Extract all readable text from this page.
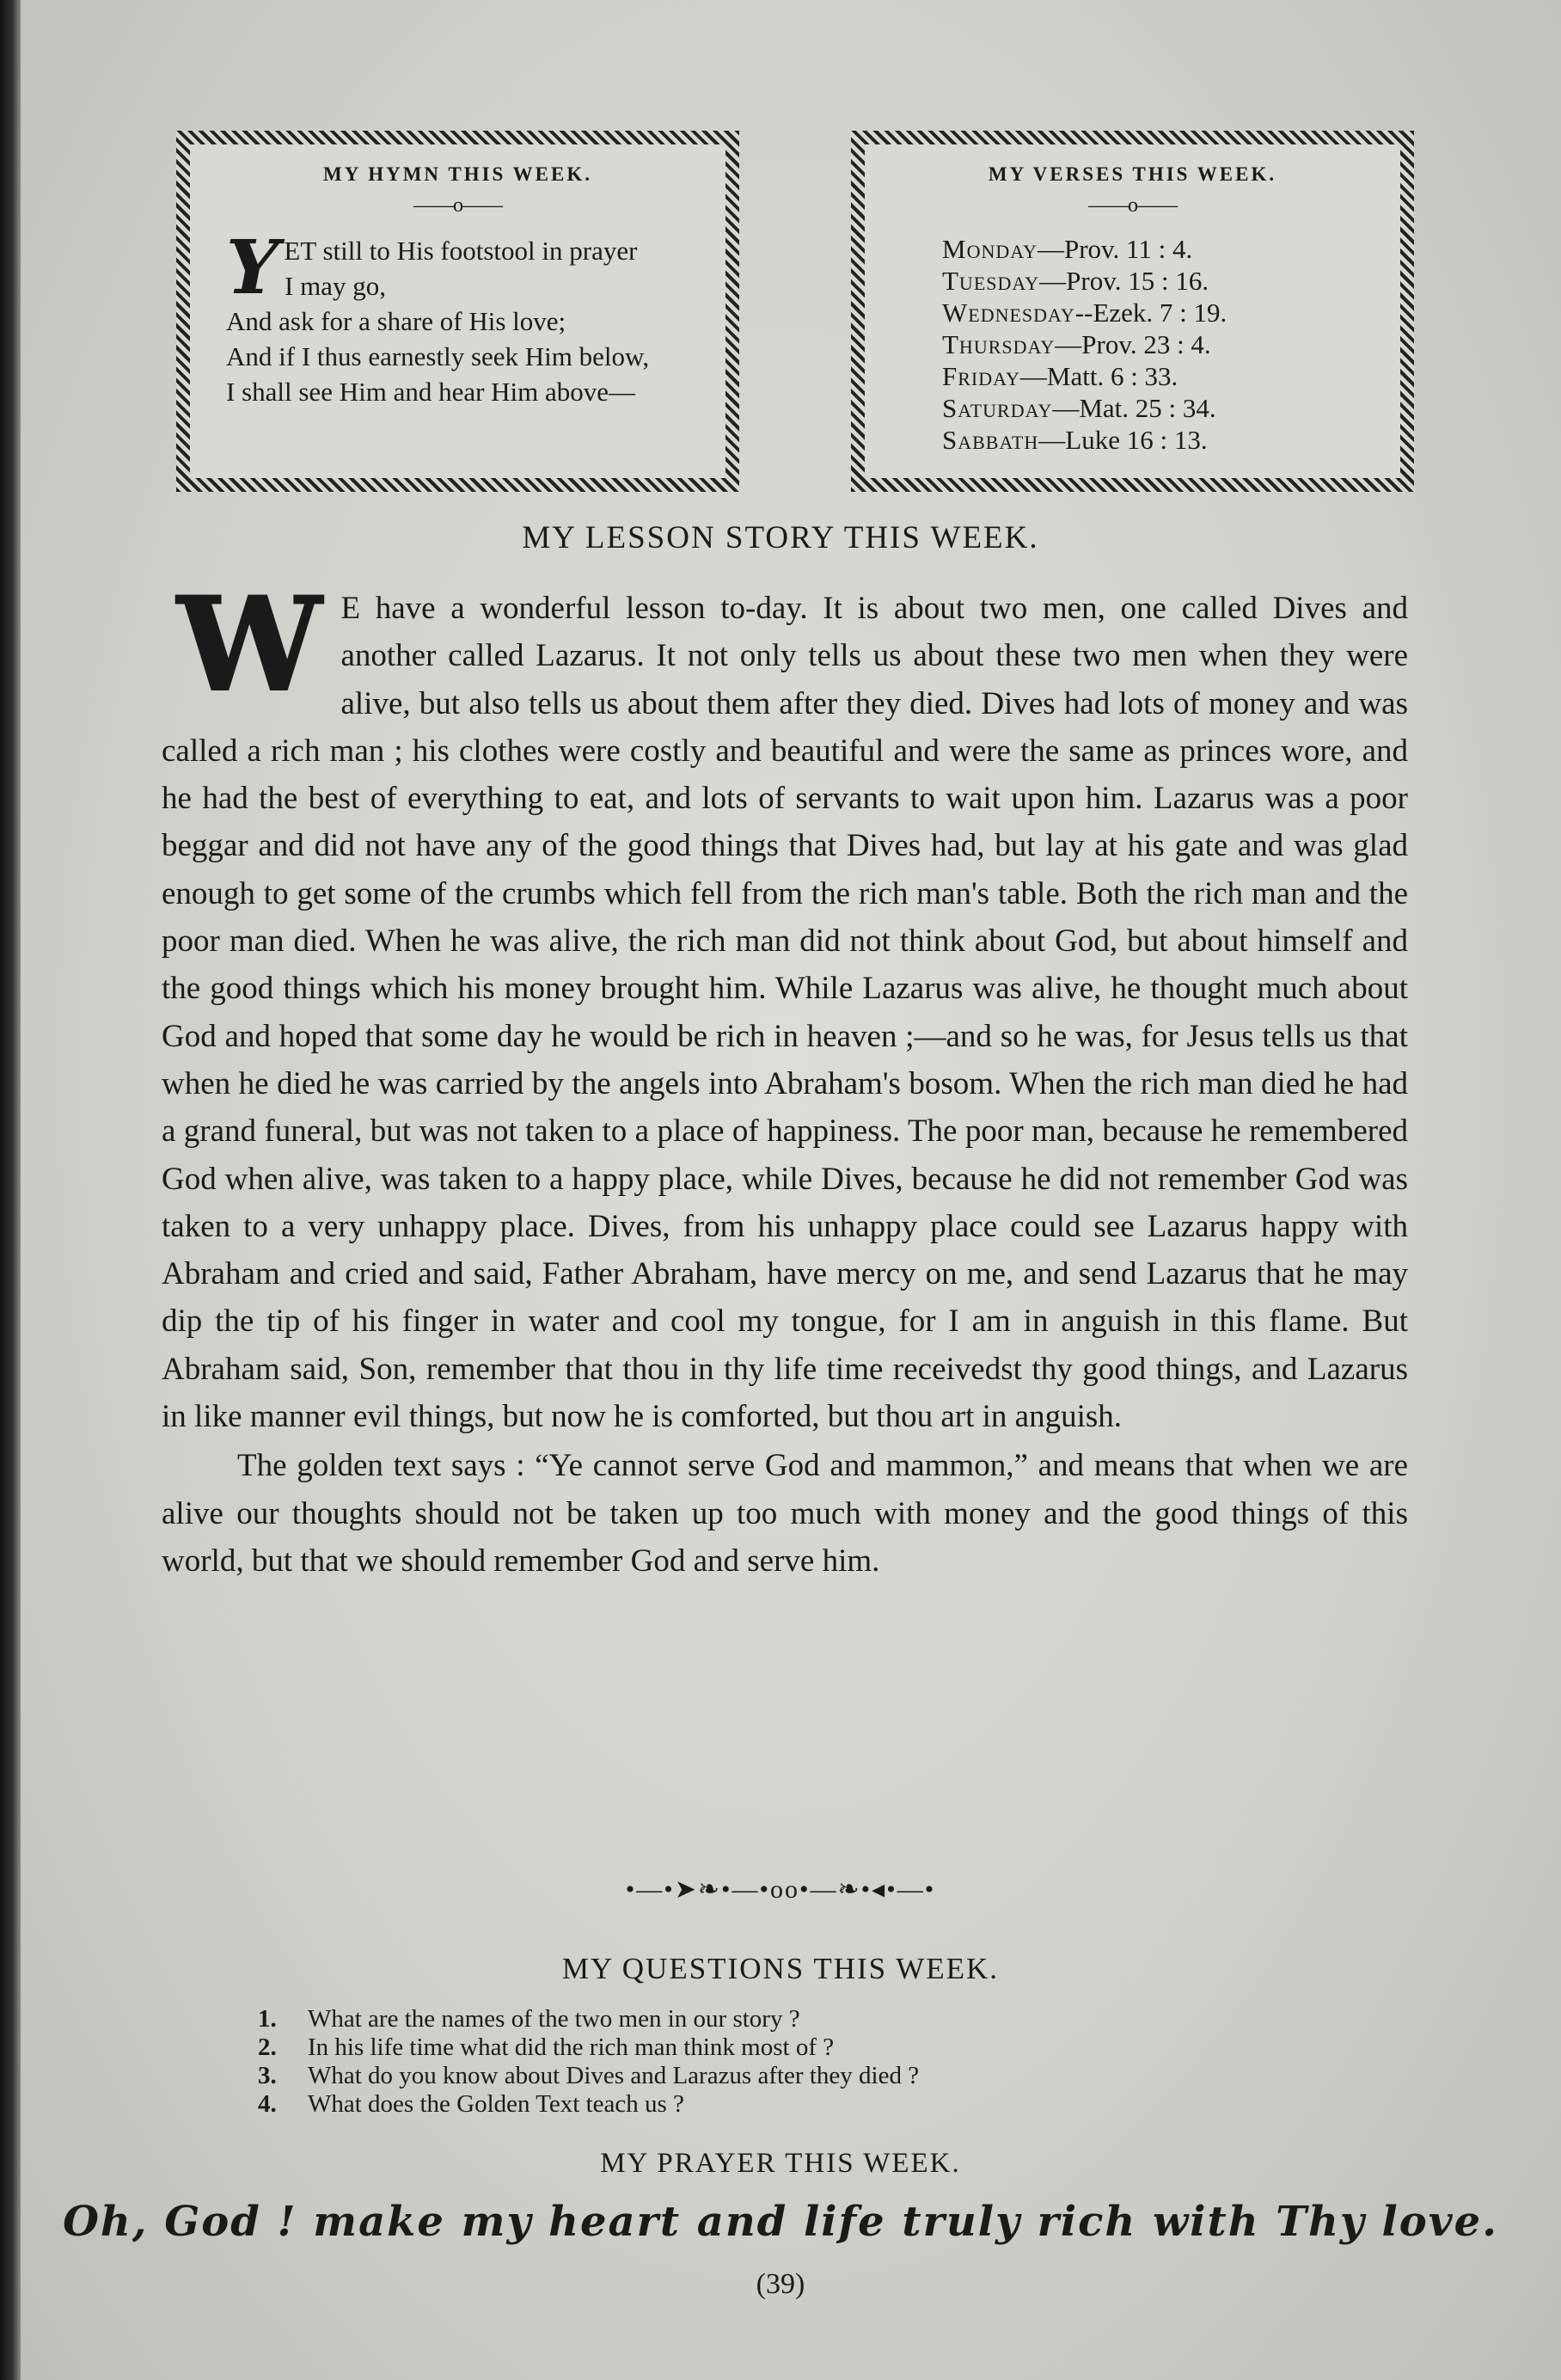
MY HYMN THIS WEEK.
——o——
Y ET still to His footstool in prayer
I may go,
And ask for a share of His love;
And if I thus earnestly seek Him below,
I shall see Him and hear Him above—
MY VERSES THIS WEEK.
——o——
Monday—Prov. 11 : 4.
Tuesday—Prov. 15 : 16.
Wednesday--Ezek. 7 : 19.
Thursday—Prov. 23 : 4.
Friday—Matt. 6 : 33.
Saturday—Mat. 25 : 34.
Sabbath—Luke 16 : 13.
MY LESSON STORY THIS WEEK.

W E have a wonderful lesson to-day. It is about two men, one called Dives and another called Lazarus. It not only tells us about these two men when they were alive, but also tells us about them after they died. Dives had lots of money and was called a rich man ; his clothes were costly and beautiful and were the same as princes wore, and he had the best of everything to eat, and lots of servants to wait upon him. Lazarus was a poor beggar and did not have any of the good things that Dives had, but lay at his gate and was glad enough to get some of the crumbs which fell from the rich man's table. Both the rich man and the poor man died. When he was alive, the rich man did not think about God, but about himself and the good things which his money brought him. While Lazarus was alive, he thought much about God and hoped that some day he would be rich in heaven ;—and so he was, for Jesus tells us that when he died he was carried by the angels into Abraham's bosom. When the rich man died he had a grand funeral, but was not taken to a place of happiness. The poor man, because he remembered God when alive, was taken to a happy place, while Dives, because he did not remember God was taken to a very unhappy place. Dives, from his unhappy place could see Lazarus happy with Abraham and cried and said, Father Abraham, have mercy on me, and send Lazarus that he may dip the tip of his finger in water and cool my tongue, for I am in anguish in this flame. But Abraham said, Son, remember that thou in thy life time receivedst thy good things, and Lazarus in like manner evil things, but now he is comforted, but thou art in anguish.

The golden text says : “Ye cannot serve God and mammon,” and means that when we are alive our thoughts should not be taken up too much with money and the good things of this world, but that we should remember God and serve him.

•—•➤❧•—•oo•—❧•◂•—•
MY QUESTIONS THIS WEEK.
1. What are the names of the two men in our story ?
2. In his life time what did the rich man think most of ?
3. What do you know about Dives and Larazus after they died ?
4. What does the Golden Text teach us ?
MY PRAYER THIS WEEK.
Oh, God ! make my heart and life truly rich with Thy love.
(39)
